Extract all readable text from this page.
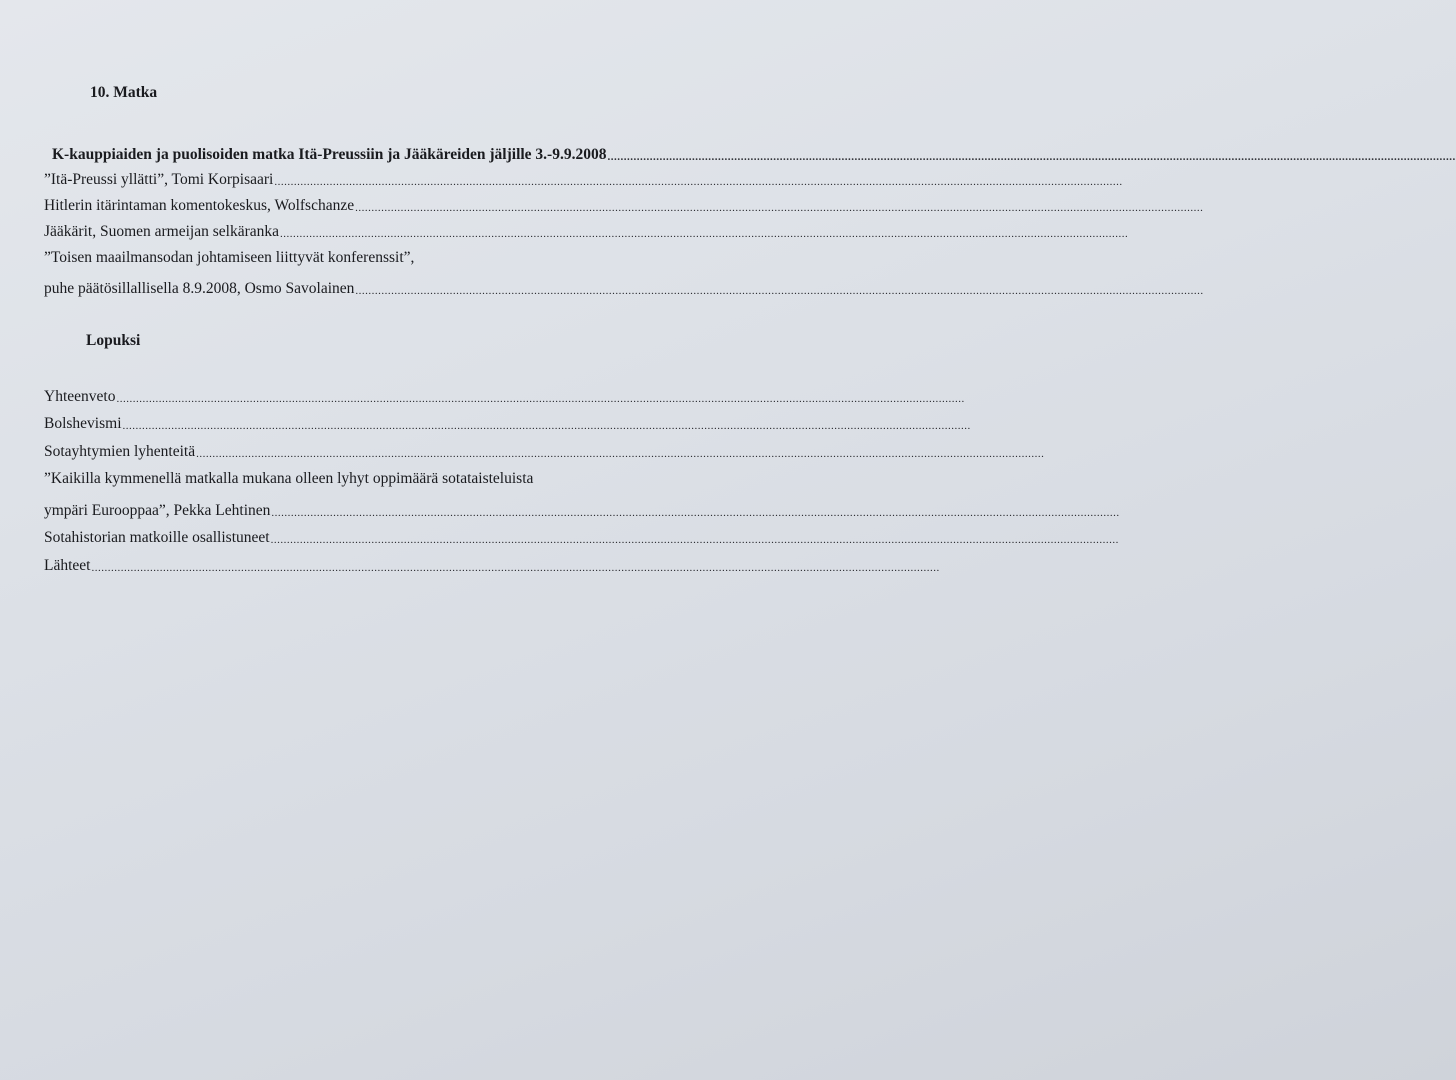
10. Matka
K-kauppiaiden ja puolisoiden matka Itä-Preussiin ja Jääkäreiden jäljille 3.-9.9.2008 .....................................................................................................................................................................................................................................................................
”Itä-Preussi yllätti”, Tomi Korpisaari .....................................................................................................................................................................................................................................................................
Hitlerin itärintaman komentokeskus, Wolfschanze .....................................................................................................................................................................................................................................................................
Jääkärit, Suomen armeijan selkäranka .....................................................................................................................................................................................................................................................................
”Toisen maailmansodan johtamiseen liittyvät konferenssit”,
puhe päätösillallisella 8.9.2008, Osmo Savolainen .....................................................................................................................................................................................................................................................................
Lopuksi
Yhteenveto .....................................................................................................................................................................................................................................................................
Bolshevismi .....................................................................................................................................................................................................................................................................
Sotayhtymien lyhenteitä .....................................................................................................................................................................................................................................................................
”Kaikilla kymmenellä matkalla mukana olleen lyhyt oppimäärä sotataisteluista
ympäri Eurooppaa”, Pekka Lehtinen .....................................................................................................................................................................................................................................................................
Sotahistorian matkoille osallistuneet .....................................................................................................................................................................................................................................................................
Lähteet .....................................................................................................................................................................................................................................................................
